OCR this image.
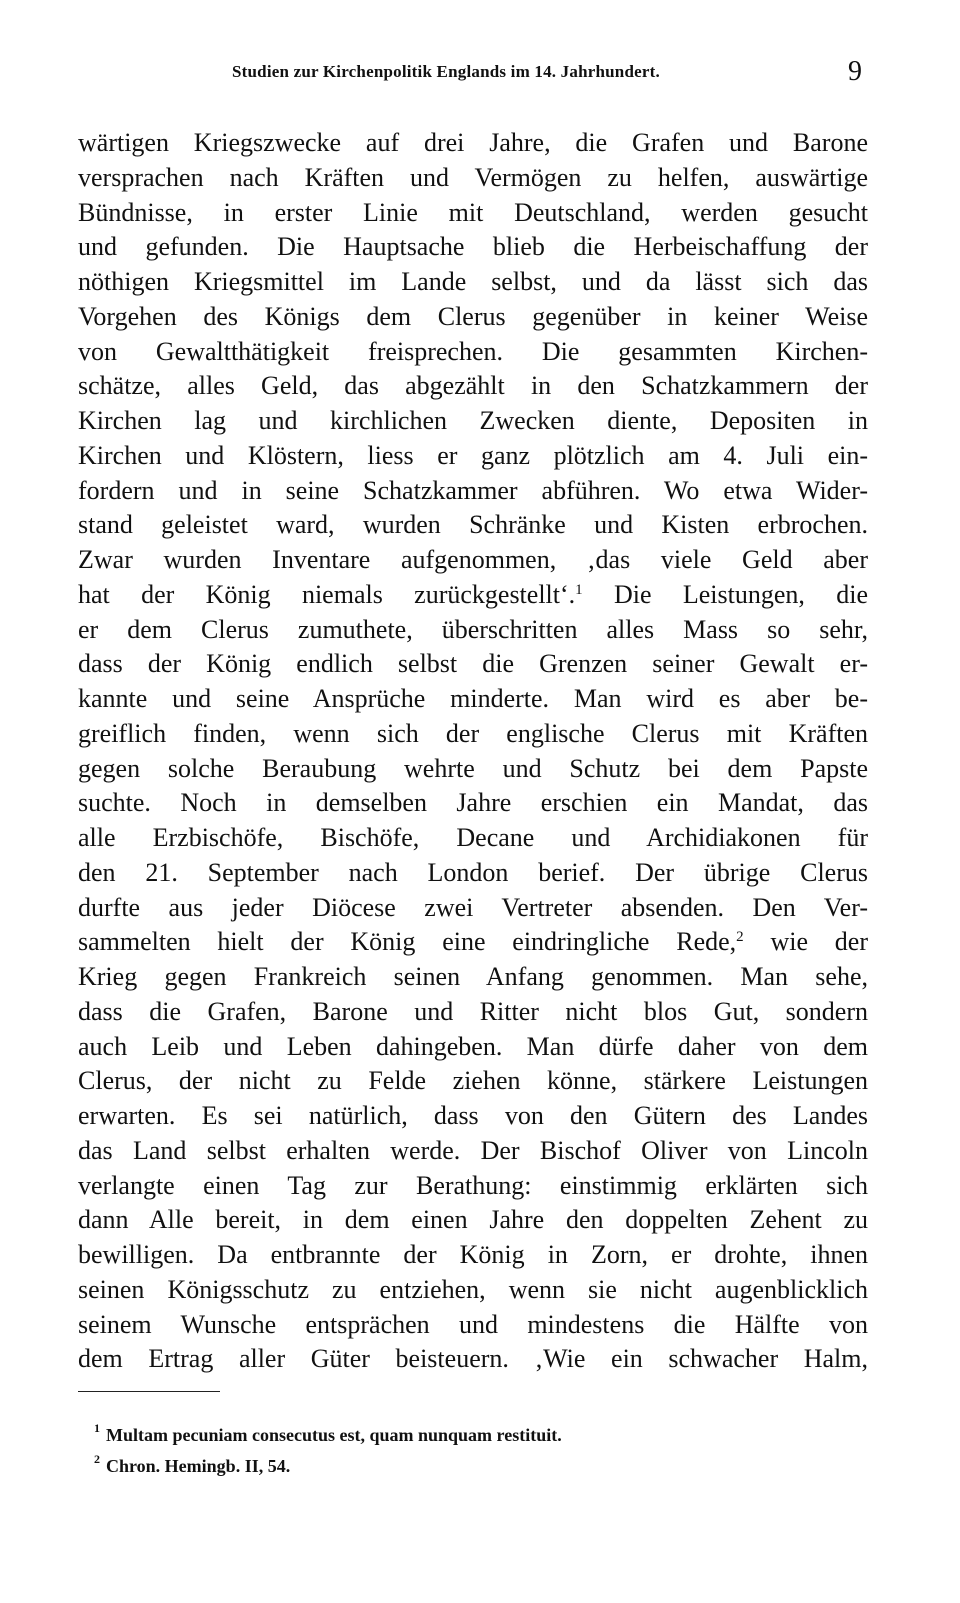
Studien zur Kirchenpolitik Englands im 14. Jahrhundert.	9
wärtigen Kriegszwecke auf drei Jahre, die Grafen und Barone
versprachen nach Kräften und Vermögen zu helfen, auswärtige
Bündnisse, in erster Linie mit Deutschland, werden gesucht
und gefunden. Die Hauptsache blieb die Herbeischaffung der
nöthigen Kriegsmittel im Lande selbst, und da lässt sich das
Vorgehen des Königs dem Clerus gegenüber in keiner Weise
von Gewaltthätigkeit freisprechen. Die gesammten Kirchen-
schätze, alles Geld, das abgezählt in den Schatzkammern der
Kirchen lag und kirchlichen Zwecken diente, Depositen in
Kirchen und Klöstern, liess er ganz plötzlich am 4. Juli ein-
fordern und in seine Schatzkammer abführen. Wo etwa Wider-
stand geleistet ward, wurden Schränke und Kisten erbrochen.
Zwar wurden Inventare aufgenommen, ‚das viele Geld aber
hat der König niemals zurückgestellt‘.$^1$ Die Leistungen, die
er dem Clerus zumuthete, überschritten alles Mass so sehr,
dass der König endlich selbst die Grenzen seiner Gewalt er-
kannte und seine Ansprüche minderte. Man wird es aber be-
greiflich finden, wenn sich der englische Clerus mit Kräften
gegen solche Beraubung wehrte und Schutz bei dem Papste
suchte. Noch in demselben Jahre erschien ein Mandat, das
alle Erzbischöfe, Bischöfe, Decane und Archidiakonen für
den 21. September nach London berief. Der übrige Clerus
durfte aus jeder Diöcese zwei Vertreter absenden. Den Ver-
sammelten hielt der König eine eindringliche Rede,$^2$ wie der
Krieg gegen Frankreich seinen Anfang genommen. Man sehe,
dass die Grafen, Barone und Ritter nicht blos Gut, sondern
auch Leib und Leben dahingeben. Man dürfe daher von dem
Clerus, der nicht zu Felde ziehen könne, stärkere Leistungen
erwarten. Es sei natürlich, dass von den Gütern des Landes
das Land selbst erhalten werde. Der Bischof Oliver von Lincoln
verlangte einen Tag zur Berathung: einstimmig erklärten sich
dann Alle bereit, in dem einen Jahre den doppelten Zehent zu
bewilligen. Da entbrannte der König in Zorn, er drohte, ihnen
seinen Königsschutz zu entziehen, wenn sie nicht augenblicklich
seinem Wunsche entsprächen und mindestens die Hälfte von
dem Ertrag aller Güter beisteuern. ‚Wie ein schwacher Halm,
1 Multam pecuniam consecutus est, quam nunquam restituit.
2 Chron. Hemingb. II, 54.
